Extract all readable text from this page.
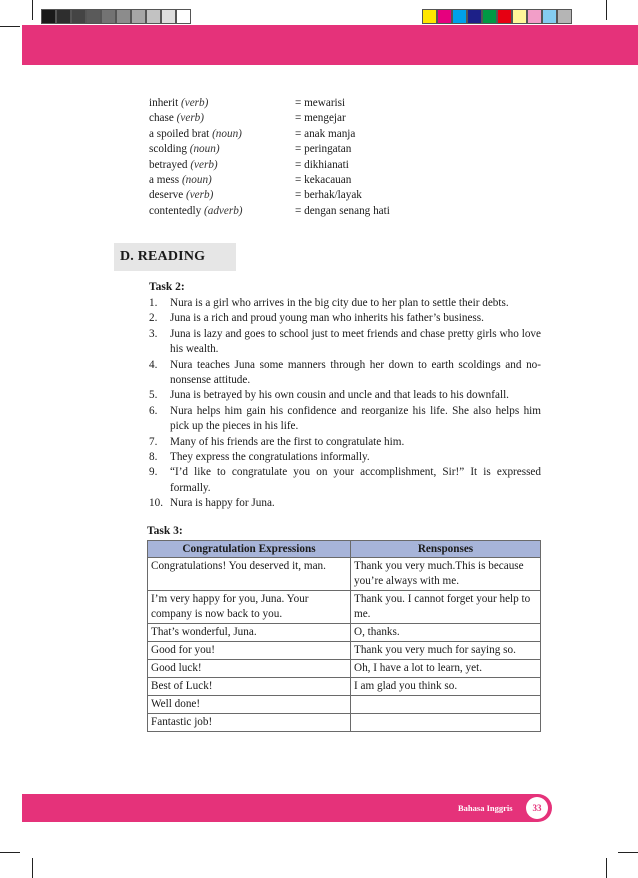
inherit (verb)	= mewarisi
chase (verb)	= mengejar
a spoiled brat (noun)	= anak manja
scolding (noun)	= peringatan
betrayed (verb)	= dikhianati
a mess (noun)	= kekacauan
deserve (verb)	= berhak/layak
contentedly (adverb)	= dengan senang hati
D. READING
Task 2:
1.	Nura is a girl who arrives in the big city due to her plan to settle their debts.
2.	Juna is a rich and proud young man who inherits his father’s business.
3.	Juna is lazy and goes to school just to meet friends and chase pretty girls who love his wealth.
4.	Nura teaches Juna some manners through her down to earth scoldings and no-nonsense attitude.
5.	Juna is betrayed by his own cousin and uncle and that leads to his downfall.
6.	Nura helps him gain his confidence and reorganize his life. She also helps him pick up the pieces in his life.
7.	Many of his friends are the first to congratulate him.
8.	They express the congratulations informally.
9.	“I’d like to congratulate you on your accomplishment, Sir!” It is expressed formally.
10. Nura is happy for Juna.
Task 3:
Congratulation Expressions	Rensponses
Congratulations! You deserved it, man.	Thank you very much.This is because you’re always with me.
I’m very happy for you, Juna. Your company is now back to you.	Thank you. I cannot forget your help to me.
That’s wonderful, Juna.	O, thanks.
Good for you!	Thank you very much for saying so.
Good luck!	Oh, I have a lot to learn, yet.
Best of Luck!	I am glad you think so.
Well done!	
Fantastic job!	
Bahasa Inggris	33
